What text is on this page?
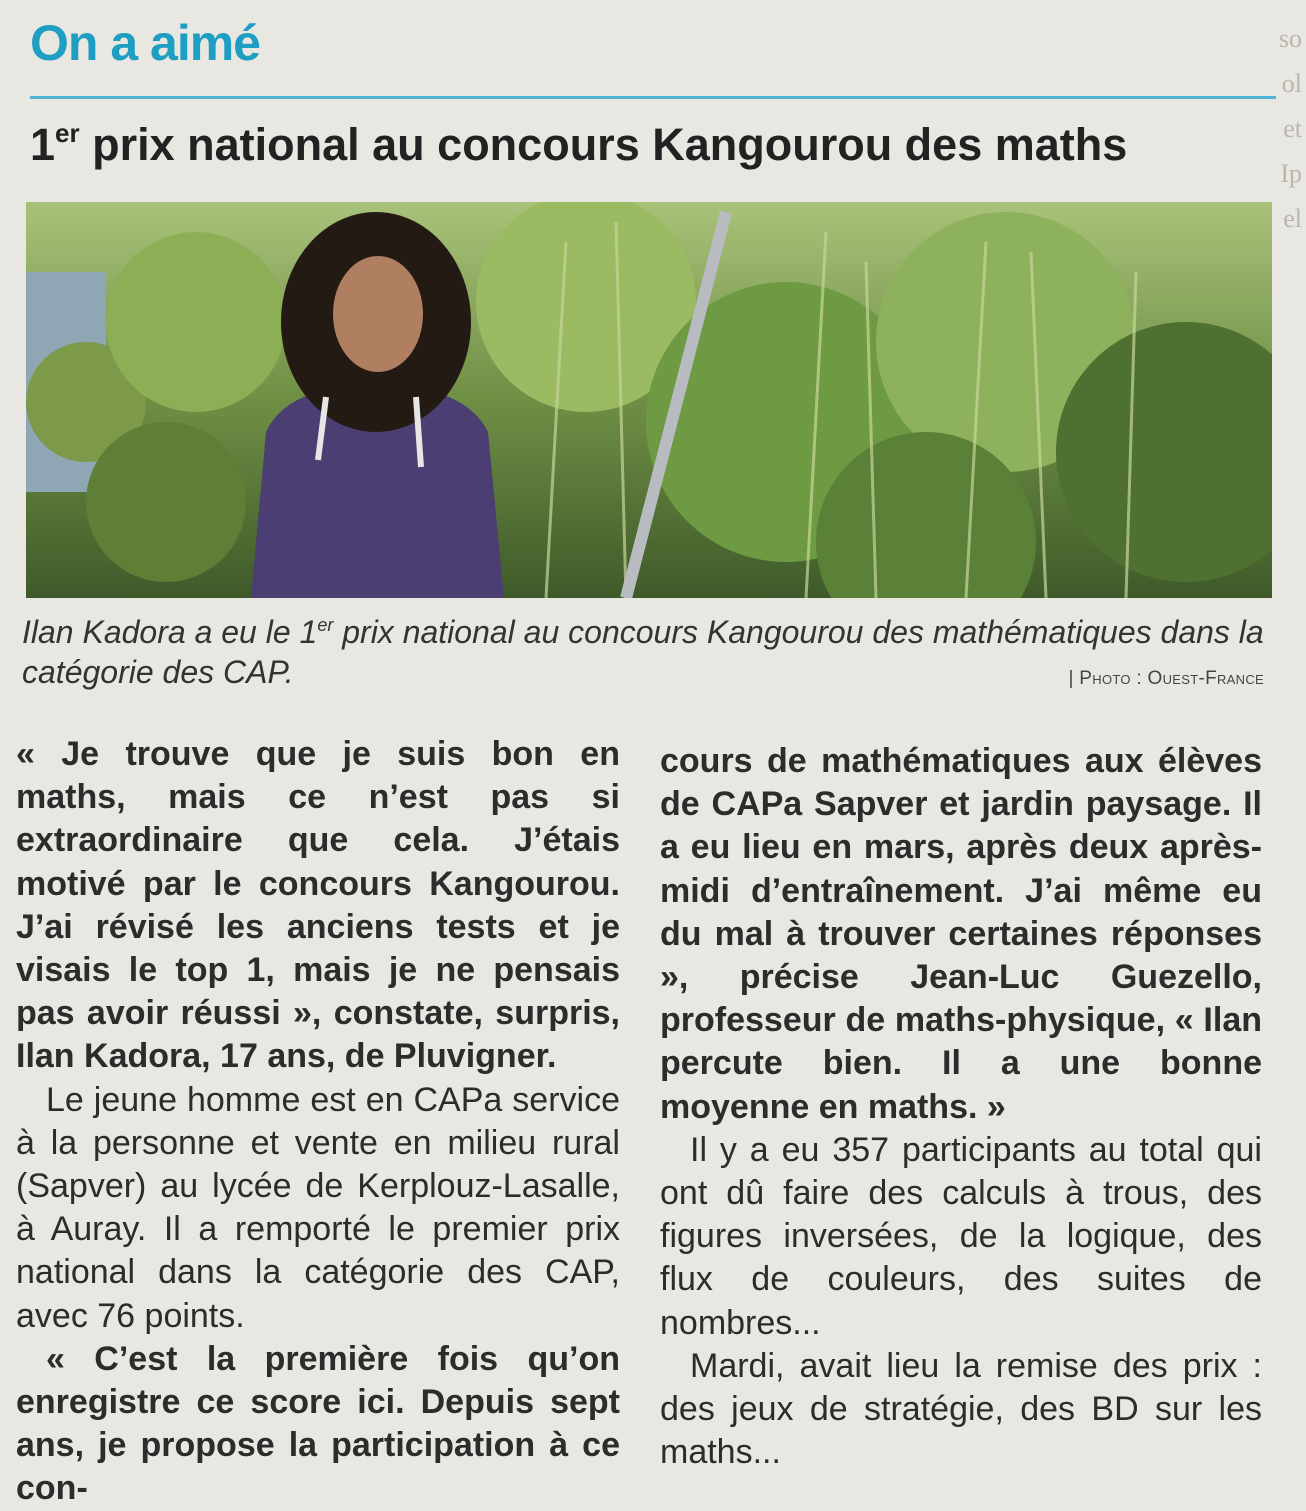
On a aimé
1er prix national au concours Kangourou des maths
Ilan Kadora a eu le 1er prix national au concours Kangourou des mathématiques dans la catégorie des CAP.	| Photo : Ouest-France

« Je trouve que je suis bon en maths, mais ce n’est pas si extraordinaire que cela. J’étais motivé par le concours Kangourou. J’ai révisé les anciens tests et je visais le top 1, mais je ne pensais pas avoir réussi », constate, surpris, Ilan Kadora, 17 ans, de Pluvigner.

Le jeune homme est en CAPa service à la personne et vente en milieu rural (Sapver) au lycée de Kerplouz-Lasalle, à Auray. Il a remporté le premier prix national dans la catégorie des CAP, avec 76 points.

« C’est la première fois qu’on enregistre ce score ici. Depuis sept ans, je propose la participation à ce con-

cours de mathématiques aux élèves de CAPa Sapver et jardin paysage. Il a eu lieu en mars, après deux après-midi d’entraînement. J’ai même eu du mal à trouver certaines réponses », précise Jean-Luc Guezello, professeur de maths-physique, « Ilan percute bien. Il a une bonne moyenne en maths. »

Il y a eu 357 participants au total qui ont dû faire des calculs à trous, des figures inversées, de la logique, des flux de couleurs, des suites de nombres...

Mardi, avait lieu la remise des prix : des jeux de stratégie, des BD sur les maths...

so
ol
et
Ip
el
